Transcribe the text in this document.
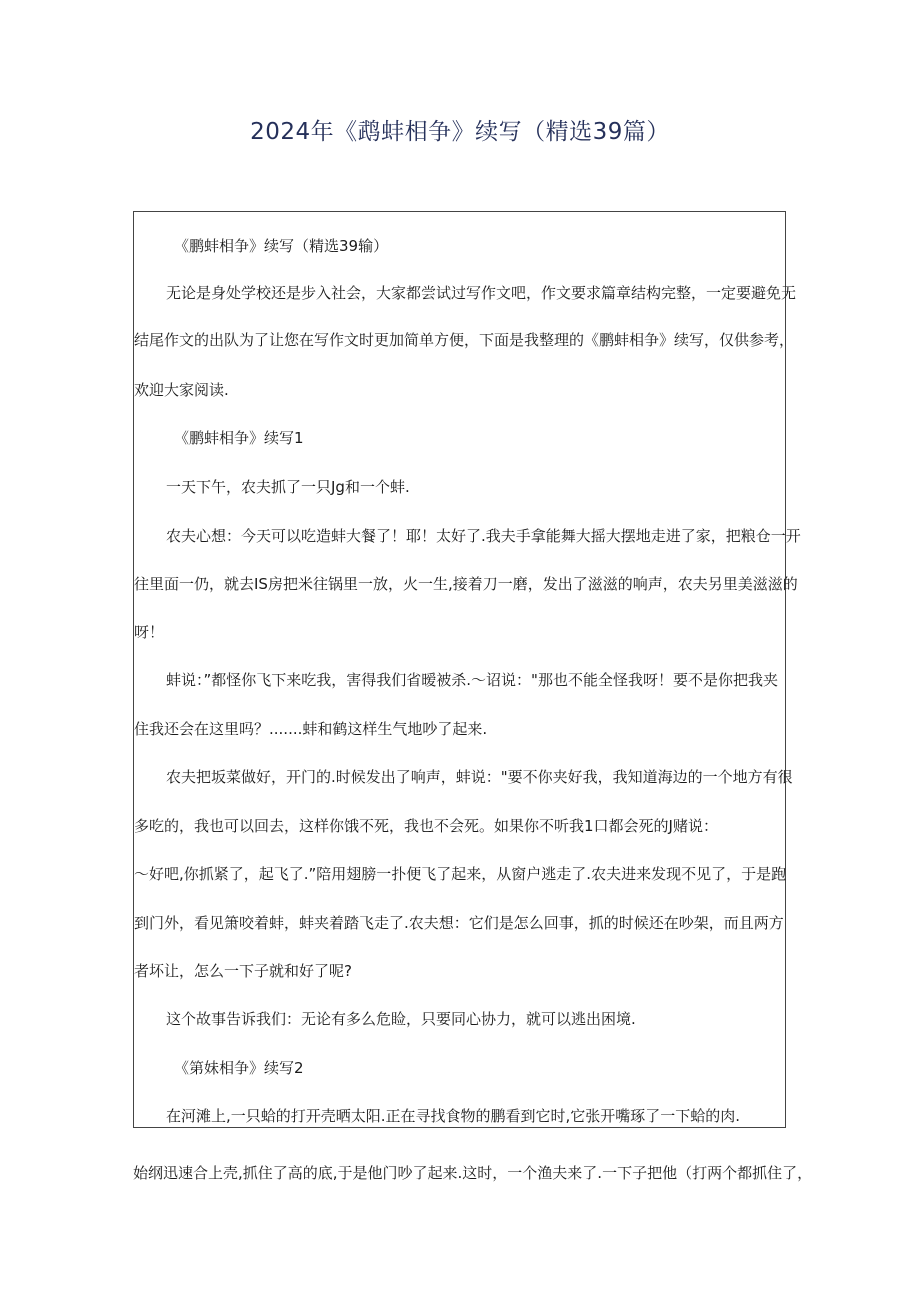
2024年《鹉蚌相争》续写（精选39篇）
《鹏蚌相争》续写（精选39输）
无论是身处学校还是步入社会，大家都尝试过写作文吧，作文要求篇章结构完整，一定要避免无
结尾作文的出队为了让您在写作文时更加简单方便，下面是我整理的《鹏蚌相争》续写，仅供参考，
欢迎大家阅读.
《鹏蚌相争》续写1
一天下午，农夫抓了一只Jg和一个蚌.
农夫心想：今天可以吃造蚌大餐了！耶！太好了.我夫手拿能舞大摇大摆地走进了家，把粮仓一开
往里面一仍，就去IS房把米往锅里一放，火一生,接着刀一磨，发出了滋滋的响声，农夫另里美滋滋的
呀！
蚌说：”都怪你飞下来吃我，害得我们省暧被杀.〜诏说："那也不能全怪我呀！要不是你把我夹
住我还会在这里吗？.......蚌和鹤这样生气地吵了起来.
农夫把坂菜做好，开门的.时候发出了响声，蚌说："要不你夹好我，我知道海边的一个地方有很
多吃的，我也可以回去，这样你饿不死，我也不会死。如果你不听我1口都会死的J赌说：
〜好吧,你抓紧了，起飞了.”陪用翅膀一扑便飞了起来，从窗户逃走了.农夫进来发现不见了，于是跑
到门外，看见箫咬着蚌，蚌夹着踏飞走了.农夫想：它们是怎么回事，抓的时候还在吵架，而且两方
者坏让，怎么一下子就和好了呢?
这个故事告诉我们：无论有多么危睑，只要同心协力，就可以逃出困境.
《第妹相争》续写2
在河滩上,一只蛤的打开壳晒太阳.正在寻找食物的鹏看到它时,它张开嘴琢了一下蛤的肉.
始纲迅速合上壳,抓住了高的底,于是他门吵了起来.这时，一个渔夫来了.一下子把他（打两个都抓住了，
